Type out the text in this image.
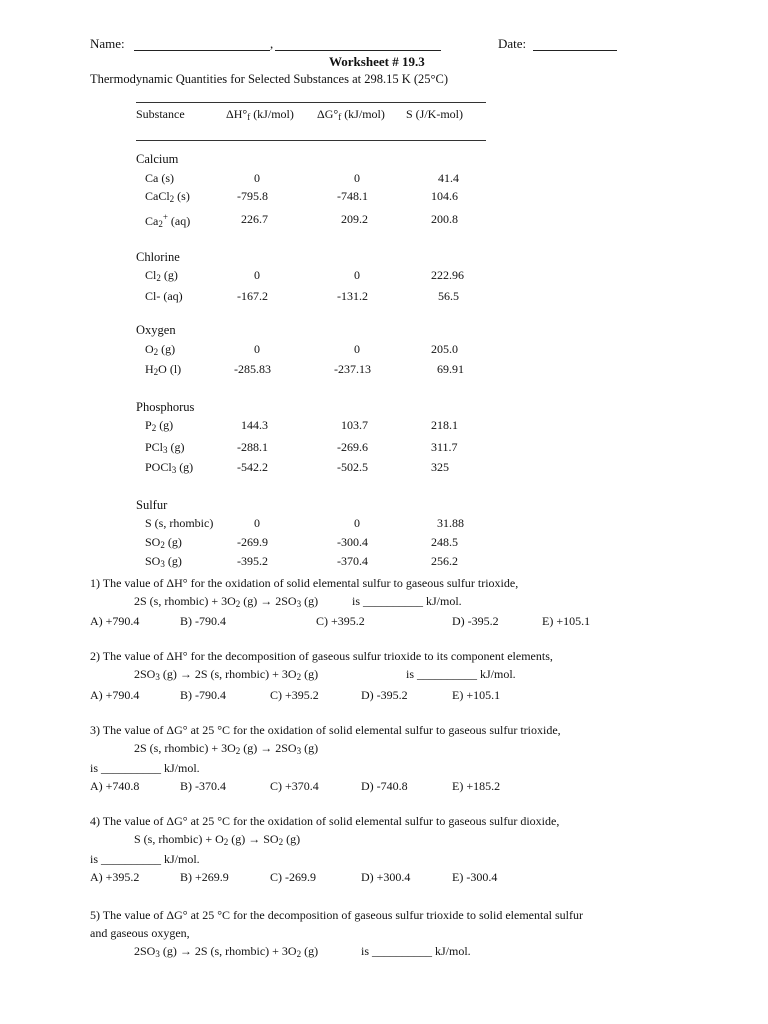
Name:	,	Date:
Worksheet # 19.3
Thermodynamic Quantities for Selected Substances at 298.15 K (25°C)
Substance	$\Delta H^\circ_f$ (kJ/mol) $\Delta G^\circ_f$ (kJ/mol) S (J/K-mol)
Calcium
Ca (s)	0	0	41.4
CaCl$_2$ (s)	-795.8	-748.1	104.6
$Ca_2^+$ (aq)	226.7	209.2	200.8
Chlorine
$Cl_2$ (g)	0	0	222.96
Cl- (aq)	-167.2	-131.2	56.5
Oxygen
$O_2$ (g)	0	0	205.0
$H_2O$ (l)	-285.83	-237.13	69.91
Phosphorus
$P_2$ (g)	144.3	103.7	218.1
PCl$_3$ (g)	-288.1	-269.6	311.7
POCl$_3$ (g)	-542.2	-502.5	325
Sulfur
S (s, rhombic)	0	0	31.88
$SO_2$ (g)	-269.9	-300.4	248.5
$SO_3$ (g)	-395.2	-370.4	256.2
1) The value of ΔH° for the oxidation of solid elemental sulfur to gaseous sulfur trioxide,
2S (s, rhombic) + $3O_2$ $(g) \to 2SO_3$ (g)	is __________ kJ/mol.
A) +790.4	B) -790.4	C) +395.2	D) -395.2	E) +105.1
2) The value of ΔH° for the decomposition of gaseous sulfur trioxide to its component elements,
$2SO_3$ (g) → 2S (s, rhombic) + $3O_2$ (g)	is __________ kJ/mol.
A) +790.4	B) -790.4	C) +395.2	D) -395.2	E) +105.1
3) The value of ΔG° at 25 °C for the oxidation of solid elemental sulfur to gaseous sulfur trioxide,
2S (s, rhombic) + $3O_2$ $(g) \to 2SO_3$ (g)
is __________ kJ/mol.
A) +740.8	B) -370.4	C) +370.4	D) -740.8	E) +185.2
4) The value of ΔG° at 25 °C for the oxidation of solid elemental sulfur to gaseous sulfur dioxide,
S (s, rhombic) + $O_2$ $(g) \to SO_2$ (g)
is __________ kJ/mol.
A) +395.2	B) +269.9	C) -269.9	D) +300.4	E) -300.4
5) The value of ΔG° at 25 °C for the decomposition of gaseous sulfur trioxide to solid elemental sulfur
and gaseous oxygen,
$2SO_3$ (g) → 2S (s, rhombic) + $3O_2$ (g)	is __________ kJ/mol.
